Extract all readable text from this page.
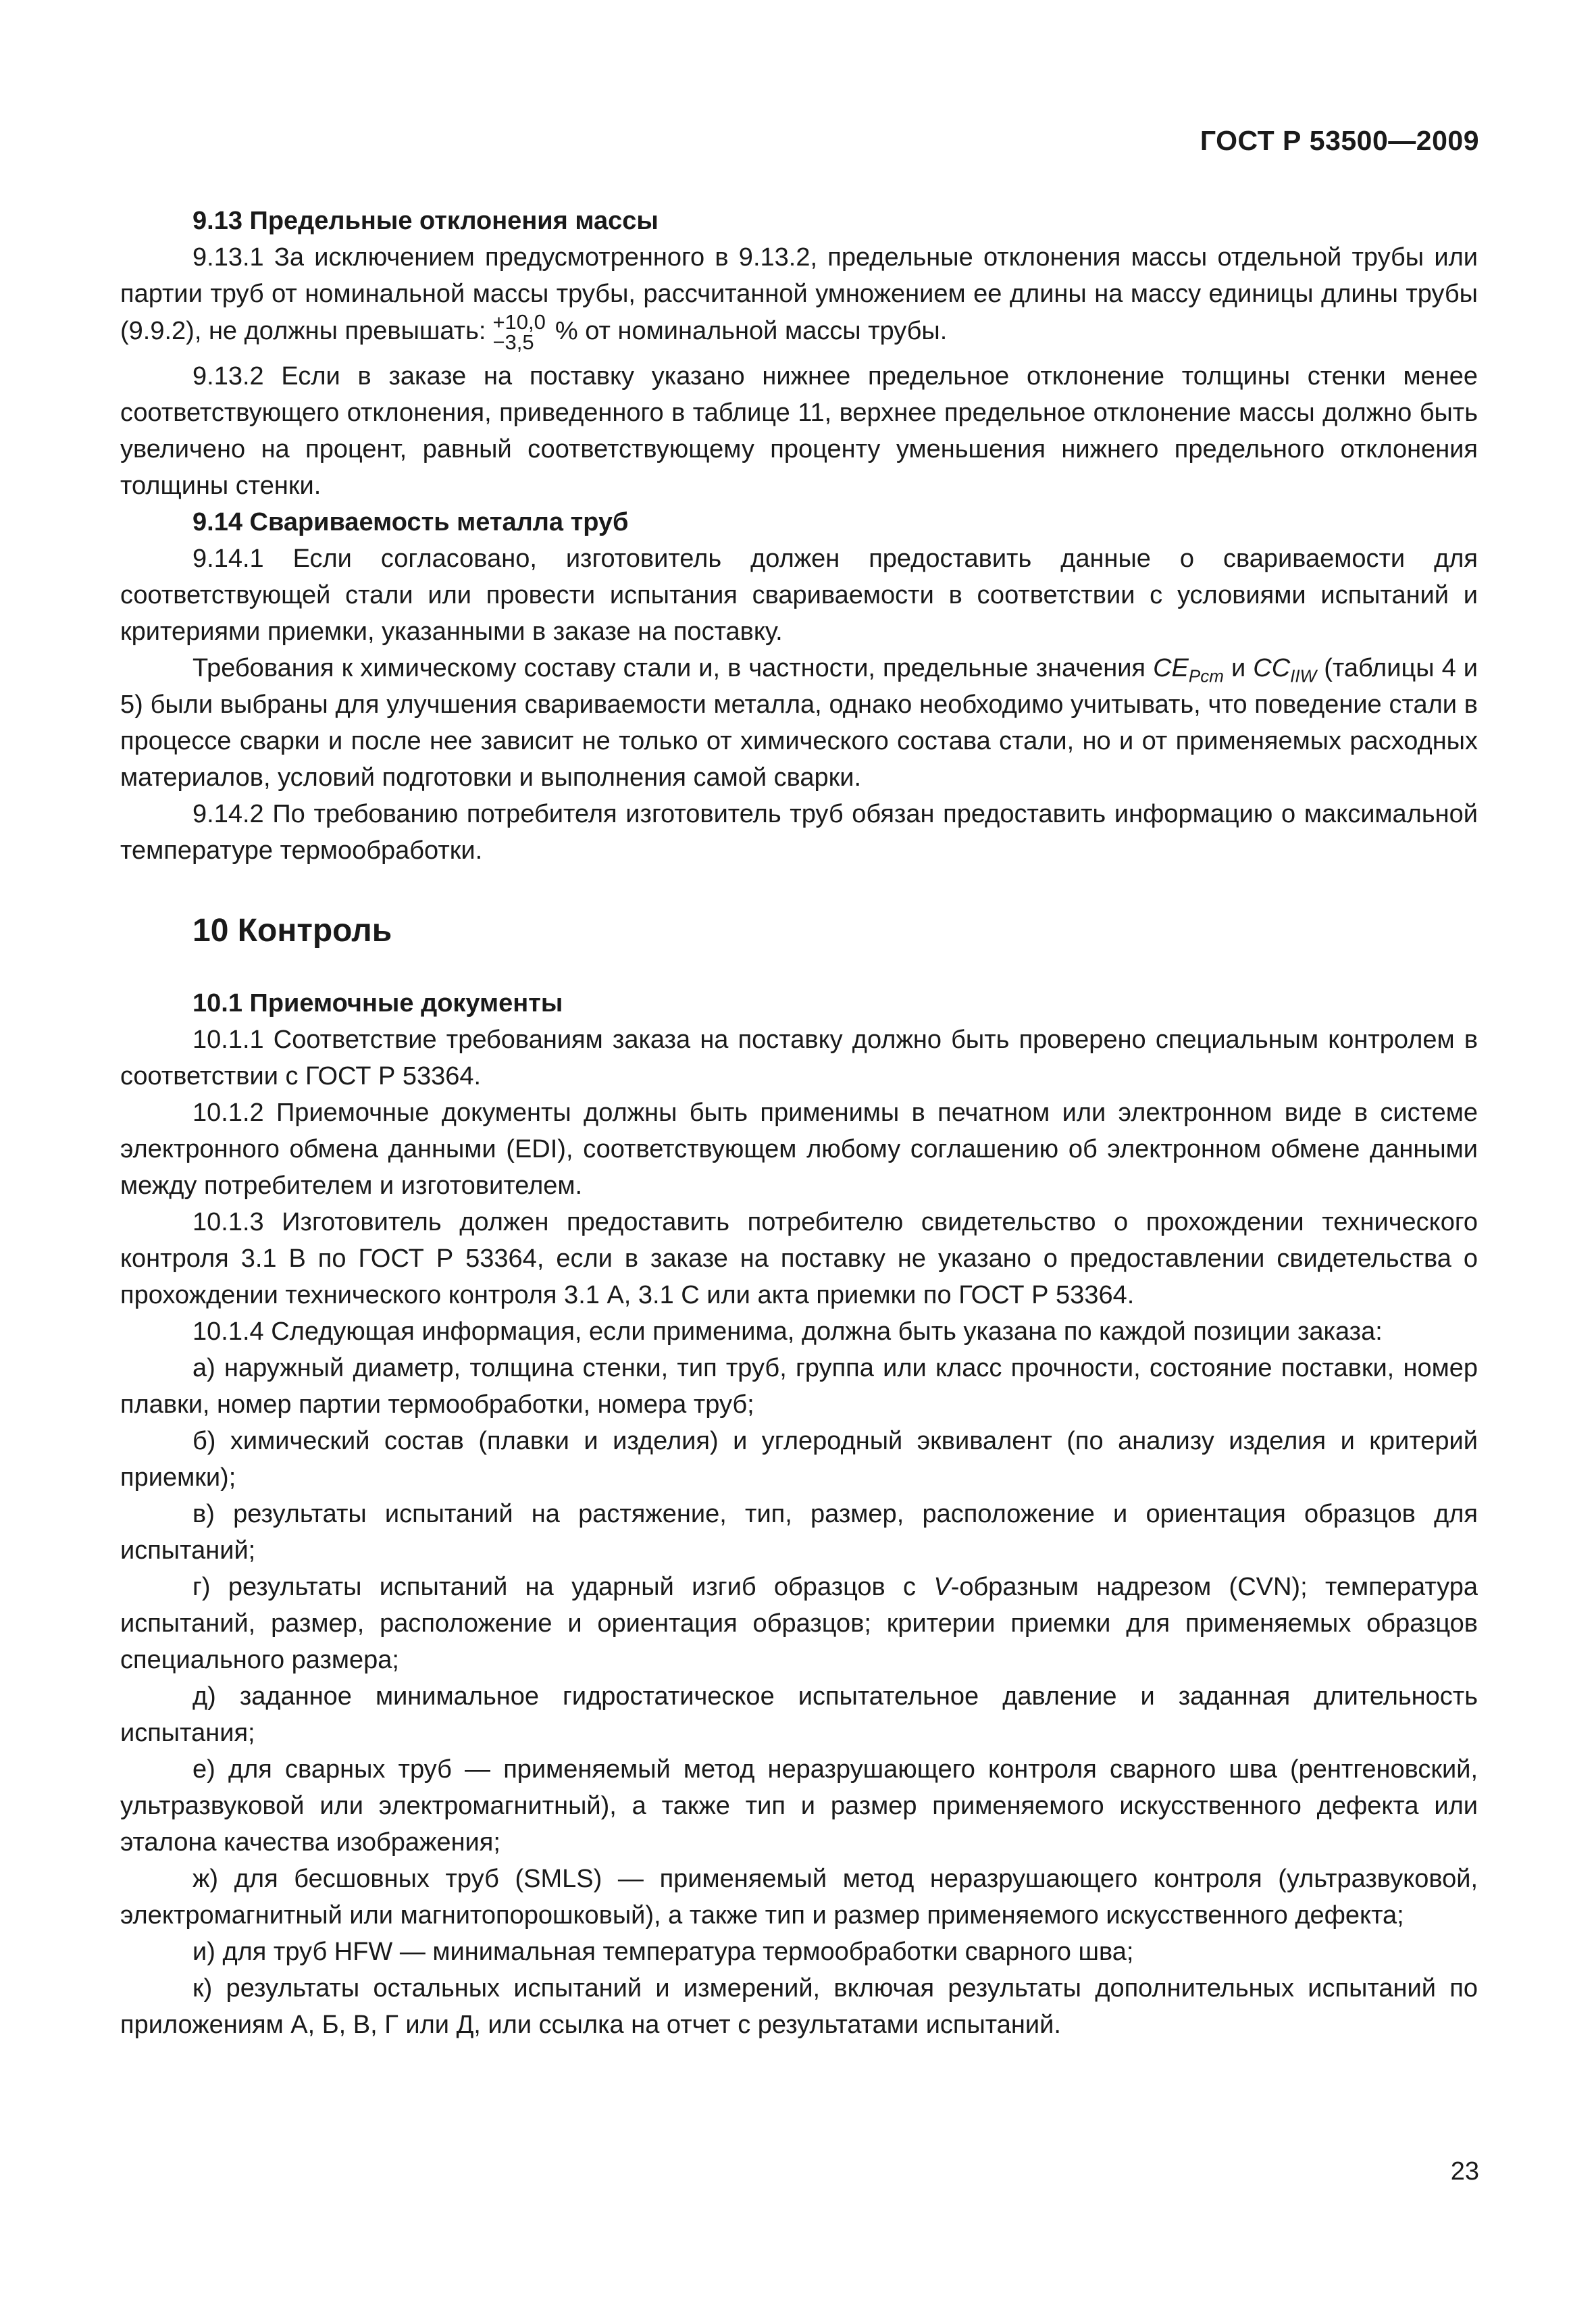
ГОСТ Р 53500—2009

9.13 Предельные отклонения массы

9.13.1 За исключением предусмотренного в 9.13.2, предельные отклонения массы отдельной трубы или партии труб от номинальной массы трубы, рассчитанной умножением ее длины на массу единицы длины трубы (9.9.2), не должны превышать: +10,0
−3,5 % от номинальной массы трубы.

9.13.2 Если в заказе на поставку указано нижнее предельное отклонение толщины стенки менее соответствующего отклонения, приведенного в таблице 11, верхнее предельное отклонение массы должно быть увеличено на процент, равный соответствующему проценту уменьшения нижнего предельного отклонения толщины стенки.

9.14 Свариваемость металла труб

9.14.1 Если согласовано, изготовитель должен предоставить данные о свариваемости для соответствующей стали или провести испытания свариваемости в соответствии с условиями испытаний и критериями приемки, указанными в заказе на поставку.

Требования к химическому составу стали и, в частности, предельные значения $CE_{Pcm}$ и $CC_{IIW}$ (таблицы 4 и 5) были выбраны для улучшения свариваемости металла, однако необходимо учитывать, что поведение стали в процессе сварки и после нее зависит не только от химического состава стали, но и от применяемых расходных материалов, условий подготовки и выполнения самой сварки.

9.14.2 По требованию потребителя изготовитель труб обязан предоставить информацию о максимальной температуре термообработки.

10 Контроль

10.1 Приемочные документы

10.1.1 Соответствие требованиям заказа на поставку должно быть проверено специальным контролем в соответствии с ГОСТ Р 53364.

10.1.2 Приемочные документы должны быть применимы в печатном или электронном виде в системе электронного обмена данными (EDI), соответствующем любому соглашению об электронном обмене данными между потребителем и изготовителем.

10.1.3 Изготовитель должен предоставить потребителю свидетельство о прохождении технического контроля 3.1 В по ГОСТ Р 53364, если в заказе на поставку не указано о предоставлении свидетельства о прохождении технического контроля 3.1 А, 3.1 С или акта приемки по ГОСТ Р 53364.

10.1.4 Следующая информация, если применима, должна быть указана по каждой позиции заказа:

а) наружный диаметр, толщина стенки, тип труб, группа или класс прочности, состояние поставки, номер плавки, номер партии термообработки, номера труб;

б) химический состав (плавки и изделия) и углеродный эквивалент (по анализу изделия и критерий приемки);

в) результаты испытаний на растяжение, тип, размер, расположение и ориентация образцов для испытаний;

г) результаты испытаний на ударный изгиб образцов с V-образным надрезом (CVN); температура испытаний, размер, расположение и ориентация образцов; критерии приемки для применяемых образцов специального размера;

д) заданное минимальное гидростатическое испытательное давление и заданная длительность испытания;

е) для сварных труб — применяемый метод неразрушающего контроля сварного шва (рентгеновский, ультразвуковой или электромагнитный), а также тип и размер применяемого искусственного дефекта или эталона качества изображения;

ж) для бесшовных труб (SMLS) — применяемый метод неразрушающего контроля (ультразвуковой, электромагнитный или магнитопорошковый), а также тип и размер применяемого искусственного дефекта;

и) для труб HFW — минимальная температура термообработки сварного шва;

к) результаты остальных испытаний и измерений, включая результаты дополнительных испытаний по приложениям А, Б, В, Г или Д, или ссылка на отчет с результатами испытаний.

23
